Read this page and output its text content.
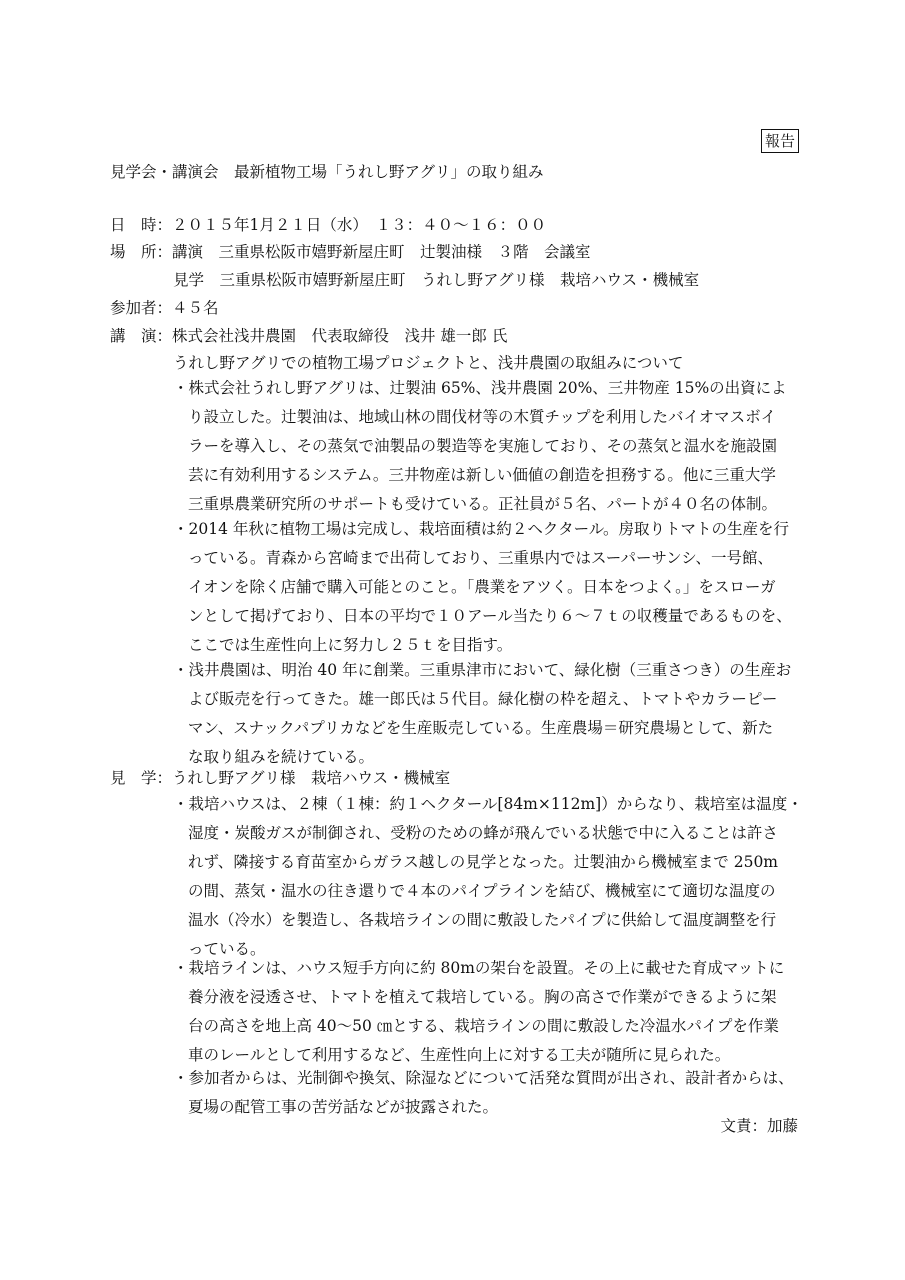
報告
見学会・講演会　最新植物工場「うれし野アグリ」の取り組み
日　時：２０１５年1月２１日（水）　１３：４０～１６：００
場　所：講演　三重県松阪市嬉野新屋庄町　辻製油様　３階　会議室
見学　三重県松阪市嬉野新屋庄町　うれし野アグリ様　栽培ハウス・機械室
参加者：４５名
講　演：株式会社浅井農園　代表取締役　浅井 雄一郎 氏
うれし野アグリでの植物工場プロジェクトと、浅井農園の取組みについて
・株式会社うれし野アグリは、辻製油 65%、浅井農園 20%、三井物産 15%の出資によ
り設立した。辻製油は、地域山林の間伐材等の木質チップを利用したバイオマスボイ
ラーを導入し、その蒸気で油製品の製造等を実施しており、その蒸気と温水を施設園
芸に有効利用するシステム。三井物産は新しい価値の創造を担務する。他に三重大学
三重県農業研究所のサポートも受けている。正社員が５名、パートが４０名の体制。
・2014 年秋に植物工場は完成し、栽培面積は約２ヘクタール。房取りトマトの生産を行
っている。青森から宮崎まで出荷しており、三重県内ではスーパーサンシ、一号館、
イオンを除く店舗で購入可能とのこと。「農業をアツく。日本をつよく。」をスローガ
ンとして掲げており、日本の平均で１０アール当たり６～７ｔの収穫量であるものを、
ここでは生産性向上に努力し２５ｔを目指す。
・浅井農園は、明治 40 年に創業。三重県津市において、緑化樹（三重さつき）の生産お
よび販売を行ってきた。雄一郎氏は５代目。緑化樹の枠を超え、トマトやカラーピー
マン、スナックパプリカなどを生産販売している。生産農場＝研究農場として、新た
な取り組みを続けている。
見　学：うれし野アグリ様　栽培ハウス・機械室
・栽培ハウスは、２棟（１棟：約１ヘクタール[84m×112m]）からなり、栽培室は温度・
湿度・炭酸ガスが制御され、受粉のための蜂が飛んでいる状態で中に入ることは許さ
れず、隣接する育苗室からガラス越しの見学となった。辻製油から機械室まで 250m
の間、蒸気・温水の往き還りで４本のパイプラインを結び、機械室にて適切な温度の
温水（冷水）を製造し、各栽培ラインの間に敷設したパイプに供給して温度調整を行
っている。
・栽培ラインは、ハウス短手方向に約 80mの架台を設置。その上に載せた育成マットに
養分液を浸透させ、トマトを植えて栽培している。胸の高さで作業ができるように架
台の高さを地上高 40～50 ㎝とする、栽培ラインの間に敷設した冷温水パイプを作業
車のレールとして利用するなど、生産性向上に対する工夫が随所に見られた。
・参加者からは、光制御や換気、除湿などについて活発な質問が出され、設計者からは、
夏場の配管工事の苦労話などが披露された。
文責：加藤
